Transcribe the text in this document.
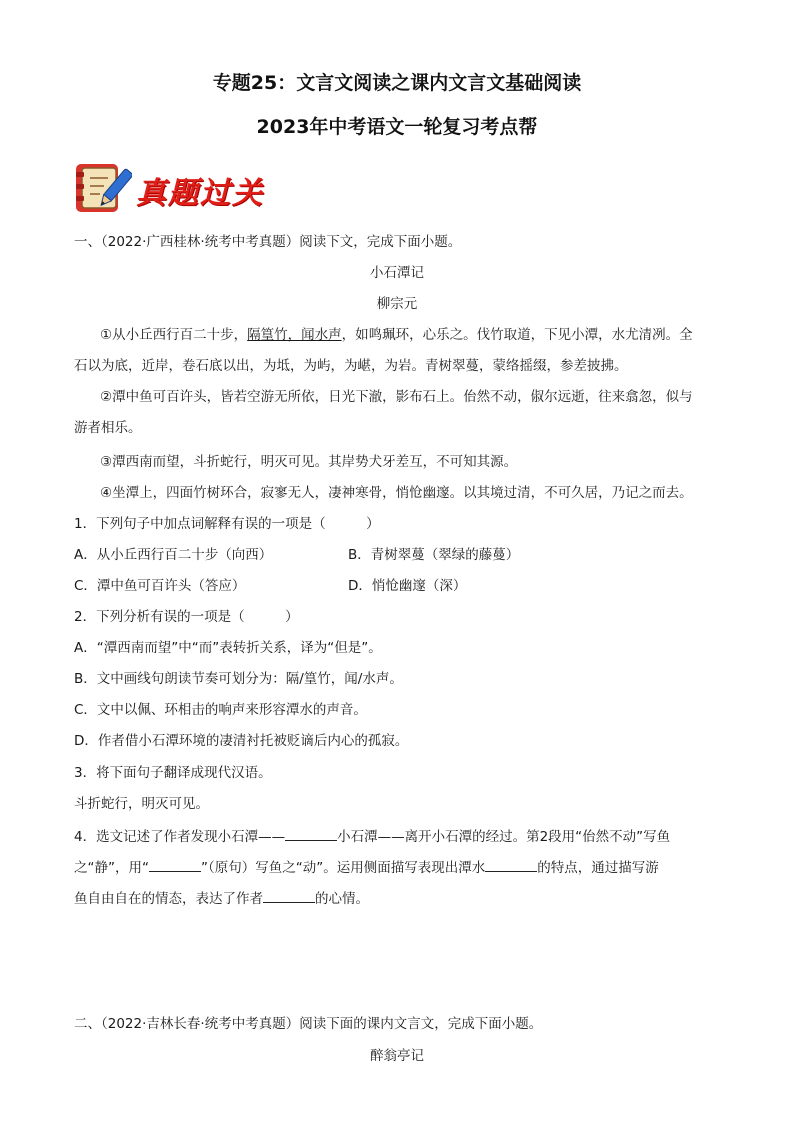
专题25：文言文阅读之课内文言文基础阅读
2023年中考语文一轮复习考点帮
真题过关
一、（2022·广西桂林·统考中考真题）阅读下文，完成下面小题。
小石潭记
柳宗元
①从小丘西行百二十步，隔篁竹，闻水声，如鸣珮环，心乐之。伐竹取道，下见小潭，水尤清冽。全
石以为底，近岸，卷石底以出，为坻，为屿，为嵁，为岩。青树翠蔓，蒙络摇缀，参差披拂。
②潭中鱼可百许头，皆若空游无所依，日光下澈，影布石上。佁然不动，俶尔远逝，往来翕忽，似与
游者相乐。
③潭西南而望，斗折蛇行，明灭可见。其岸势犬牙差互，不可知其源。
④坐潭上，四面竹树环合，寂寥无人，凄神寒骨，悄怆幽邃。以其境过清，不可久居，乃记之而去。
1．下列句子中加点词解释有误的一项是（　　　）
A．从小丘西行百二十步（向西）	B．青树翠蔓（翠绿的藤蔓）
C．潭中鱼可百许头（答应）	D．悄怆幽邃（深）
2．下列分析有误的一项是（　　　）
A．“潭西南而望”中“而”表转折关系，译为“但是”。
B．文中画线句朗读节奏可划分为：隔/篁竹，闻/水声。
C．文中以佩、环相击的响声来形容潭水的声音。
D．作者借小石潭环境的凄清衬托被贬谪后内心的孤寂。
3．将下面句子翻译成现代汉语。
斗折蛇行，明灭可见。
4．选文记述了作者发现小石潭——	小石潭——离开小石潭的经过。第2段用“佁然不动”写鱼
之“静”，用“	”（原句）写鱼之“动”。运用侧面描写表现出潭水	的特点，通过描写游
鱼自由自在的情态，表达了作者	的心情。
二、（2022·吉林长春·统考中考真题）阅读下面的课内文言文，完成下面小题。
醉翁亭记
